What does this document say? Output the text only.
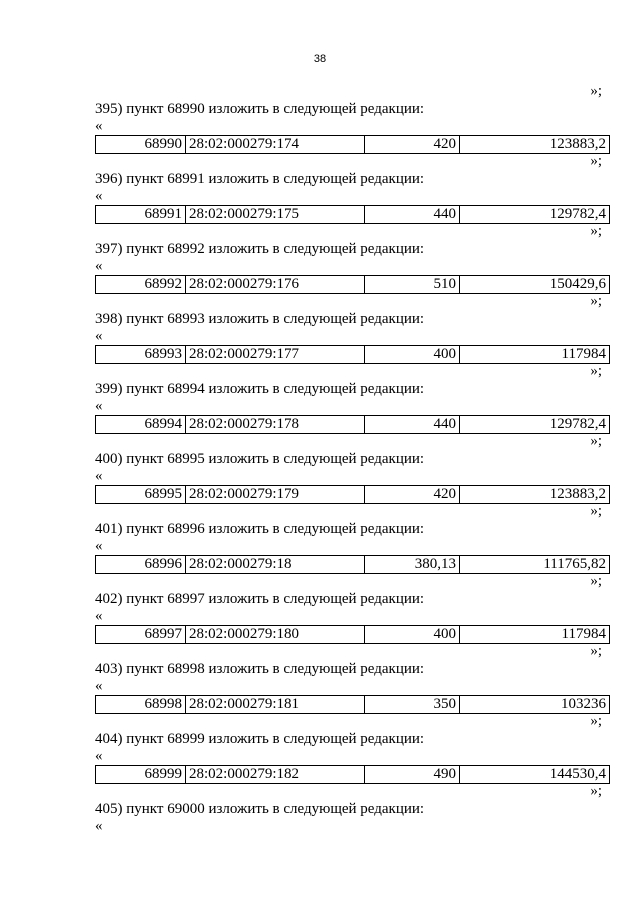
38
»;
395) пункт 68990 изложить в следующей редакции:
«
68990	28:02:000279:174	420	123883,2
»;
396) пункт 68991 изложить в следующей редакции:
«
68991	28:02:000279:175	440	129782,4
»;
397) пункт 68992 изложить в следующей редакции:
«
68992	28:02:000279:176	510	150429,6
»;
398) пункт 68993 изложить в следующей редакции:
«
68993	28:02:000279:177	400	117984
»;
399) пункт 68994 изложить в следующей редакции:
«
68994	28:02:000279:178	440	129782,4
»;
400) пункт 68995 изложить в следующей редакции:
«
68995	28:02:000279:179	420	123883,2
»;
401) пункт 68996 изложить в следующей редакции:
«
68996	28:02:000279:18	380,13	111765,82
»;
402) пункт 68997 изложить в следующей редакции:
«
68997	28:02:000279:180	400	117984
»;
403) пункт 68998 изложить в следующей редакции:
«
68998	28:02:000279:181	350	103236
»;
404) пункт 68999 изложить в следующей редакции:
«
68999	28:02:000279:182	490	144530,4
»;
405) пункт 69000 изложить в следующей редакции:
«
